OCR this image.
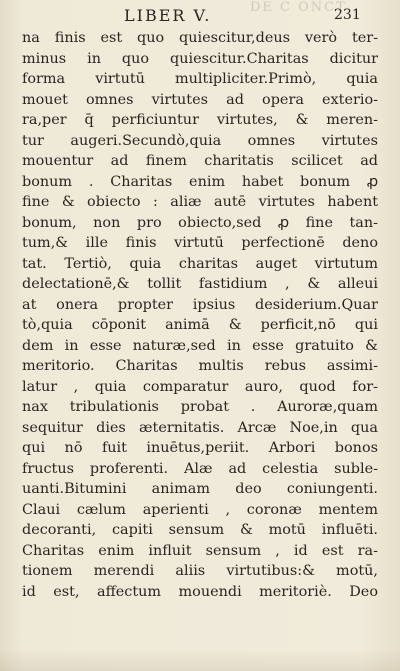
DE C ONCT
LIBER V.	231
na finis est quo quiescitur,deus verò ter-
minus in quo quiescitur.Charitas dicitur
forma virtutū multipliciter.Primò, quia
mouet omnes virtutes ad opera exterio-
ra,per q̄ perficiuntur virtutes, & meren-
tur augeri.Secundò,quia omnes virtutes
mouentur ad finem charitatis scilicet ad
bonum . Charitas enim habet bonum ꝓ
fine & obiecto : aliæ autē virtutes habent
bonum, non pro obiecto,sed ꝓ fine tan-
tum,& ille finis virtutū perfectionē deno
tat. Tertiò, quia charitas auget virtutum
delectationē,& tollit fastidium , & alleui
at onera propter ipsius desiderium.Quar
tò,quia cōponit animā & perficit,nō qui
dem in esse naturæ,sed in esse gratuito &
meritorio. Charitas multis rebus assimi-
latur , quia comparatur auro, quod for-
nax tribulationis probat . Auroræ,quam
sequitur dies æternitatis. Arcæ Noe,in qua
qui nō fuit inuētus,periit. Arbori bonos
fructus proferenti. Alæ ad celestia suble-
uanti.Bitumini animam deo coniungenti.
Claui cælum aperienti , coronæ mentem
decoranti, capiti sensum & motū influēti.
Charitas enim influit sensum , id est ra-
tionem merendi aliis virtutibus:& motū,
id est, affectum mouendi meritoriè. Deo
